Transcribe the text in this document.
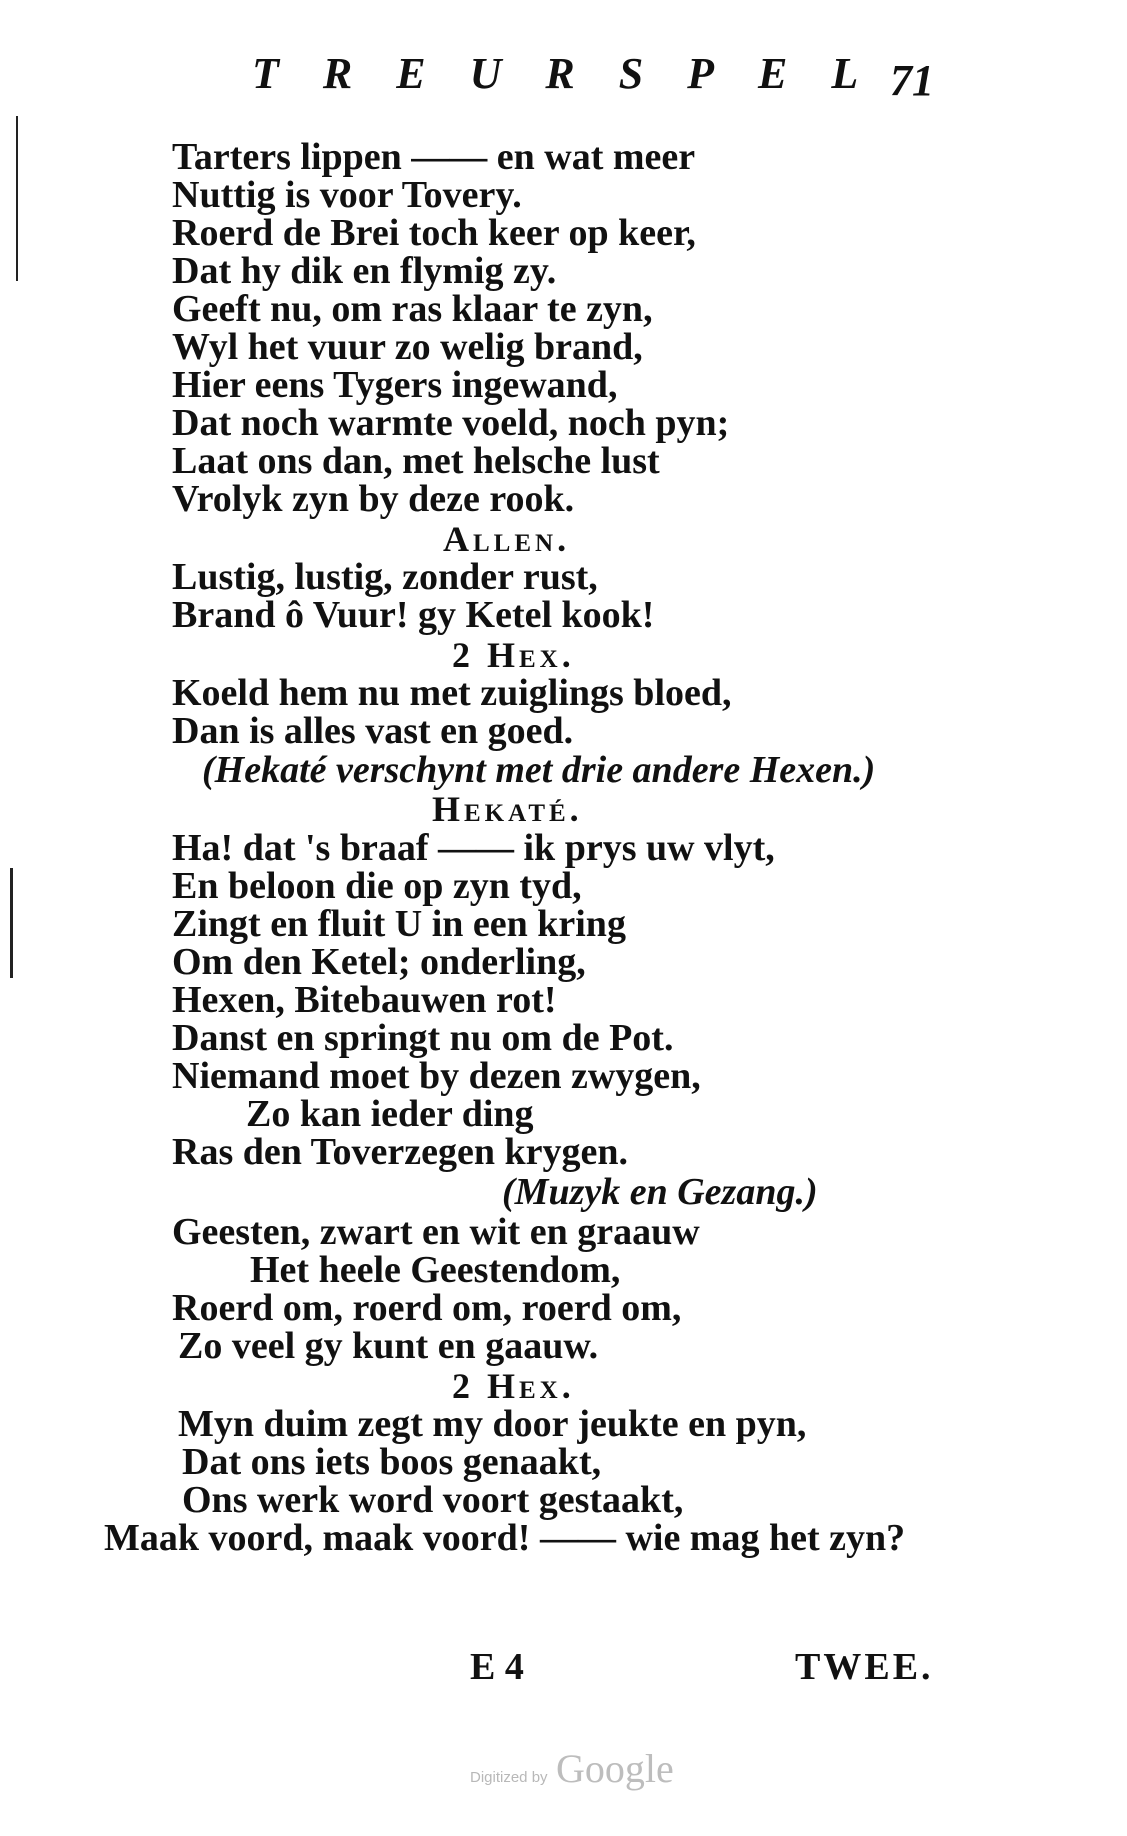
TREURSPEL
71
Tarters lippen —— en wat meer
Nuttig is voor Tovery.
Roerd de Brei toch keer op keer,
Dat hy dik en flymig zy.
Geeft nu, om ras klaar te zyn,
Wyl het vuur zo welig brand,
Hier eens Tygers ingewand,
Dat noch warmte voeld, noch pyn;
Laat ons dan, met helsche lust
Vrolyk zyn by deze rook.
Allen.
Lustig, lustig, zonder rust,
Brand ô Vuur! gy Ketel kook!
2 Hex.
Koeld hem nu met zuiglings bloed,
Dan is alles vast en goed.
(Hekaté verschynt met drie andere Hexen.)
Hekaté.
Ha! dat 's braaf —— ik prys uw vlyt,
En beloon die op zyn tyd,
Zingt en fluit U in een kring
Om den Ketel; onderling,
Hexen, Bitebauwen rot!
Danst en springt nu om de Pot.
Niemand moet by dezen zwygen,
Zo kan ieder ding
Ras den Toverzegen krygen.
(Muzyk en Gezang.)
Geesten, zwart en wit en graauw
Het heele Geestendom,
Roerd om, roerd om, roerd om,
Zo veel gy kunt en gaauw.
2 Hex.
Myn duim zegt my door jeukte en pyn,
Dat ons iets boos genaakt,
Ons werk word voort gestaakt,
Maak voord, maak voord! —— wie mag het zyn?
E 4	TWEE.
Digitized by Google
